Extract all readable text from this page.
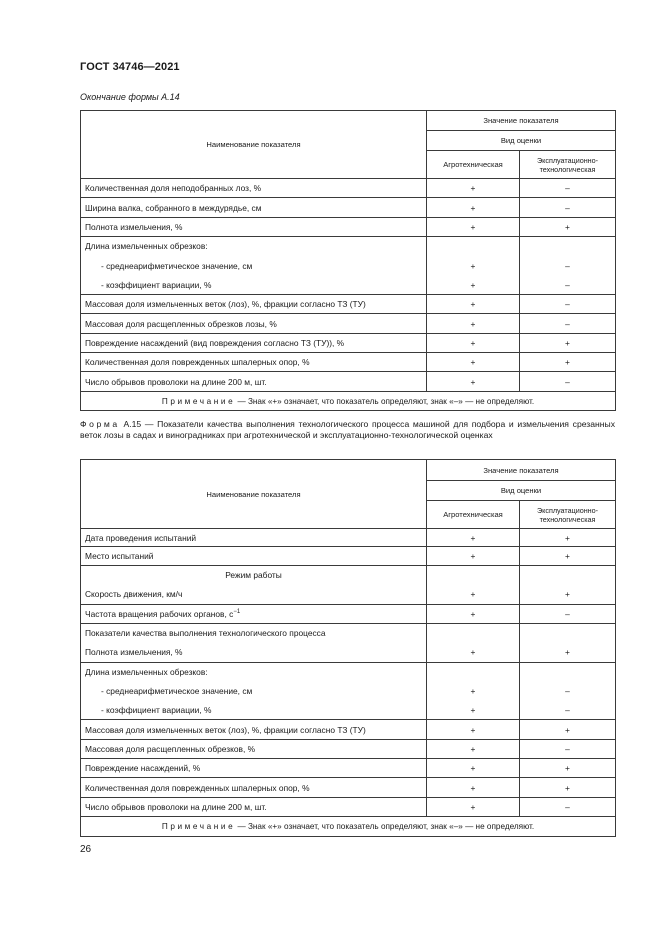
ГОСТ 34746—2021
Окончание формы А.14
Наименование показателя	Значение показателя	
	Вид оценки	
	Агротехническая	Эксплуатационно-технологическая
Количественная доля неподобранных лоз, %	+	–
Ширина валка, собранного в междурядье, см	+	–
Полнота измельчения, %	+	+
Длина измельченных обрезков:		
- среднеарифметическое значение, см	+	–
- коэффициент вариации, %	+	–
Массовая доля измельченных веток (лоз), %, фракции согласно ТЗ (ТУ)	+	–
Массовая доля расщепленных обрезков лозы, %	+	–
Повреждение насаждений (вид повреждения согласно ТЗ (ТУ)), %	+	+
Количественная доля поврежденных шпалерных опор, %	+	+
Число обрывов проволоки на длине 200 м, шт.	+	–
Примечание — Знак «+» означает, что показатель определяют, знак «–» — не определяют.		
Форма А.15 — Показатели качества выполнения технологического процесса машиной для подбора и измельчения срезанных веток лозы в садах и виноградниках при агротехнической и эксплуатационно-технологической оценках
Наименование показателя	Значение показателя	
	Вид оценки	
	Агротехническая	Эксплуатационно-технологическая
Дата проведения испытаний	+	+
Место испытаний	+	+
Режим работы		
Скорость движения, км/ч	+	+
Частота вращения рабочих органов, $с^{-1}$	+	–
Показатели качества выполнения технологического процесса		
Полнота измельчения, %	+	+
Длина измельченных обрезков:		
- среднеарифметическое значение, см	+	–
- коэффициент вариации, %	+	–
Массовая доля измельченных веток (лоз), %, фракции согласно ТЗ (ТУ)	+	+
Массовая доля расщепленных обрезков, %	+	–
Повреждение насаждений, %	+	+
Количественная доля поврежденных шпалерных опор, %	+	+
Число обрывов проволоки на длине 200 м, шт.	+	–
Примечание — Знак «+» означает, что показатель определяют, знак «–» — не определяют.		
26
